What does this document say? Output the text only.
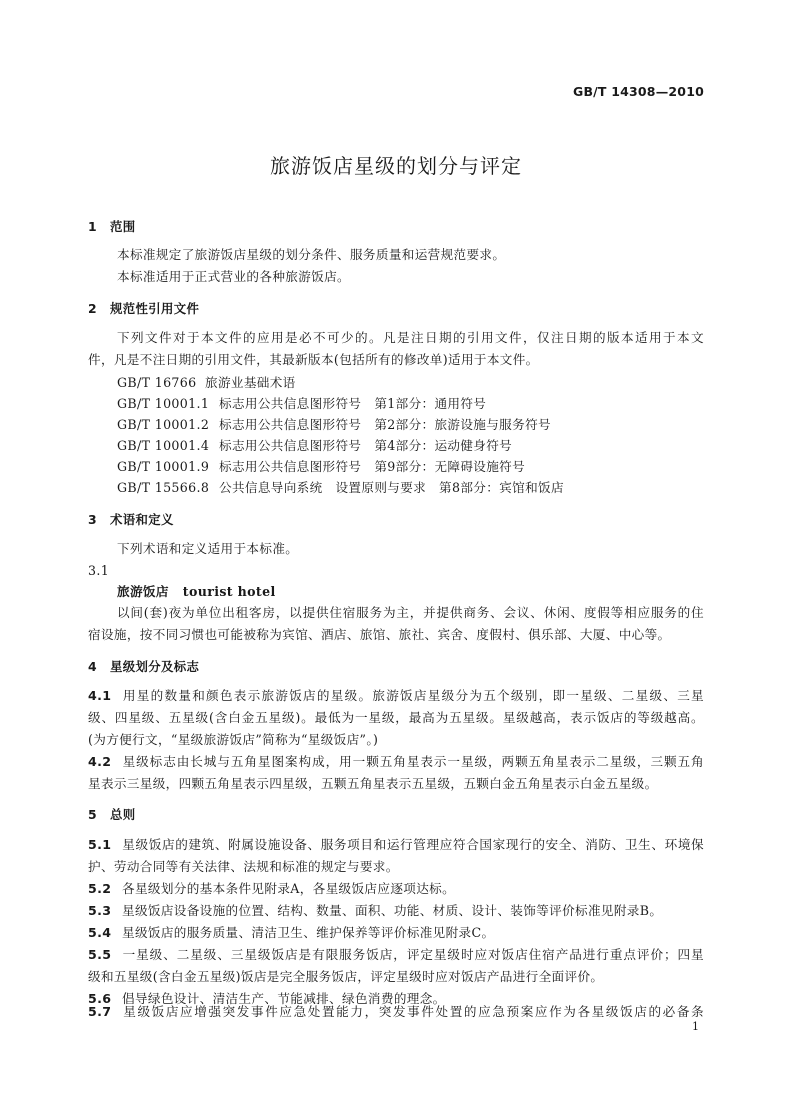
GB/T 14308—2010
旅游饭店星级的划分与评定
1 范围
本标准规定了旅游饭店星级的划分条件、服务质量和运营规范要求。
本标准适用于正式营业的各种旅游饭店。
2 规范性引用文件
下列文件对于本文件的应用是必不可少的。凡是注日期的引用文件，仅注日期的版本适用于本文
件，凡是不注日期的引用文件，其最新版本(包括所有的修改单)适用于本文件。
GB/T 16766 旅游业基础术语
GB/T 10001.1 标志用公共信息图形符号　第1部分：通用符号
GB/T 10001.2 标志用公共信息图形符号　第2部分：旅游设施与服务符号
GB/T 10001.4 标志用公共信息图形符号　第4部分：运动健身符号
GB/T 10001.9 标志用公共信息图形符号　第9部分：无障碍设施符号
GB/T 15566.8 公共信息导向系统　设置原则与要求　第8部分：宾馆和饭店
3 术语和定义
下列术语和定义适用于本标准。
3.1
旅游饭店 tourist hotel
以间(套)夜为单位出租客房，以提供住宿服务为主，并提供商务、会议、休闲、度假等相应服务的住
宿设施，按不同习惯也可能被称为宾馆、酒店、旅馆、旅社、宾舍、度假村、俱乐部、大厦、中心等。
4 星级划分及标志
4.1 用星的数量和颜色表示旅游饭店的星级。旅游饭店星级分为五个级别，即一星级、二星级、三星
级、四星级、五星级(含白金五星级)。最低为一星级，最高为五星级。星级越高，表示饭店的等级越高。
(为方便行文，“星级旅游饭店”简称为“星级饭店”。)
4.2 星级标志由长城与五角星图案构成，用一颗五角星表示一星级，两颗五角星表示二星级，三颗五角
星表示三星级，四颗五角星表示四星级，五颗五角星表示五星级，五颗白金五角星表示白金五星级。
5 总则
5.1 星级饭店的建筑、附属设施设备、服务项目和运行管理应符合国家现行的安全、消防、卫生、环境保
护、劳动合同等有关法律、法规和标准的规定与要求。
5.2 各星级划分的基本条件见附录A，各星级饭店应逐项达标。
5.3 星级饭店设备设施的位置、结构、数量、面积、功能、材质、设计、装饰等评价标准见附录B。
5.4 星级饭店的服务质量、清洁卫生、维护保养等评价标准见附录C。
5.5 一星级、二星级、三星级饭店是有限服务饭店，评定星级时应对饭店住宿产品进行重点评价；四星
级和五星级(含白金五星级)饭店是完全服务饭店，评定星级时应对饭店产品进行全面评价。
5.6 倡导绿色设计、清洁生产、节能减排、绿色消费的理念。
5.7 星级饭店应增强突发事件应急处置能力，突发事件处置的应急预案应作为各星级饭店的必备条
1
